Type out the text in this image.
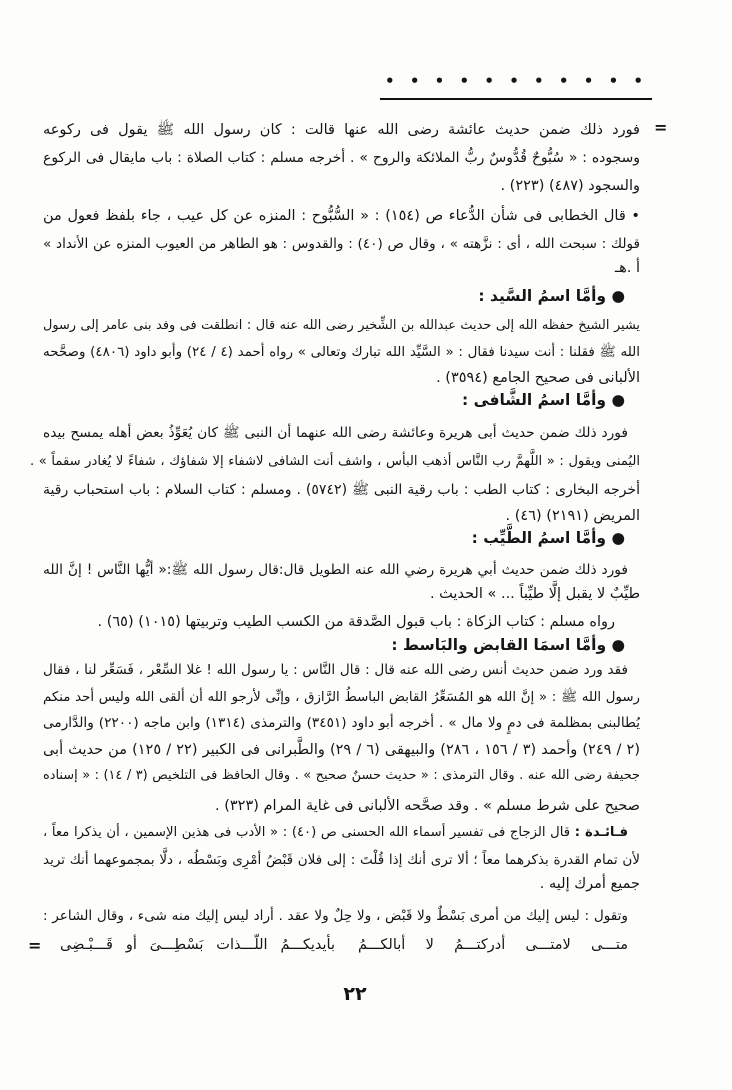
• • • • • • • • • • •
=
فورد ذلك ضمن حديث عائشة رضى الله عنها قالت : كان رسول الله ﷺ يقول فى ركوعه
وسجوده : « سُبُّوحٌ قُدُّوسٌ ربُّ الملائكة والروح » . أخرجه مسلم : كتاب الصلاة : باب مايقال فى الركوع
والسجود (٤٨٧) (٢٢٣) .
• قال الخطابى فى شأن الدُّعاء ص (١٥٤) : « السُّبُّوح : المنزه عن كل عيب ، جاء بلفظ فعول من
قولك : سبحت الله ، أى : نزَّهته » ، وقال ص (٤٠) : والقدوس : هو الطاهر من العيوب المنزه عن الأنداد »
أ .هـ
● وأمَّا اسمُ السَّيد :
يشير الشيخ حفظه الله إلى حديث عبدالله بن الشِّخير رضى الله عنه قال : انطلقت فى وفد بنى عامر إلى رسول
الله ﷺ فقلنا : أنت سيدنا فقال : « السَّيِّد الله تبارك وتعالى » رواه أحمد (٤ / ٢٤) وأبو داود (٤٨٠٦) وصحَّحه
الألبانى فى صحيح الجامع (٣٥٩٤) .
● وأمَّا اسمُ الشَّافى :
فورد ذلك ضمن حديث أبى هريرة وعائشة رضى الله عنهما أن النبى ﷺ كان يُعَوِّذُ بعض أهله يمسح بيده
اليُمنى ويقول : « اللَّهمَّ رب النَّاس أذهب البأس ، واشف أنت الشافى لاشفاء إلا شفاؤك ، شفاءً لا يُغادر سقماً » .
أخرجه البخارى : كتاب الطب : باب رقية النبى ﷺ (٥٧٤٢) . ومسلم : كتاب السلام : باب استحباب رقية
المريض (٢١٩١) (٤٦) .
● وأمَّا اسمُ الطَّيِّب :
فورد ذلك ضمن حديث أبي هريرة رضي الله عنه الطويل قال:قال رسول الله ﷺ:« أيُّها النَّاس ! إنَّ الله
طيِّبٌ لا يقبل إلَّا طيِّباً ... » الحديث .
رواه مسلم : كتاب الزكاة : باب قبول الصَّدقة من الكسب الطيب وتربيتها (١٠١٥) (٦٥) .
● وأمَّا اسمَا القابض والبَاسط :
فقد ورد ضمن حديث أنس رضى الله عنه قال : قال النَّاس : يا رسول الله ! غلا السِّعْر ، فَسَعِّر لنا ، فقال
رسول الله ﷺ : « إنَّ الله هو المُسَعِّرُ القابض الباسطُ الرَّازق ، وإنِّى لأرجو الله أن ألقى الله وليس أحد منكم
يُطالبنى بمظلمة فى دمٍ ولا مال » . أخرجه أبو داود (٣٤٥١) والترمذى (١٣١٤) وابن ماجه (٢٢٠٠) والدَّارمى
(٢ / ٢٤٩) وأحمد (٣ / ١٥٦ ، ٢٨٦) والبيهقى (٦ / ٢٩) والطَّبرانى فى الكبير (٢٢ / ١٢٥) من حديث أبى
جحيفة رضى الله عنه . وقال الترمذى : « حديث حسنٌ صحيح » . وقال الحافظ فى التلخيص (٣ / ١٤) : « إسناده
صحيح على شرط مسلم » . وقد صحَّحه الألبانى فى غاية المرام (٣٢٣) .
فـائـدة : قال الزجاج فى تفسير أسماء الله الحسنى ص (٤٠) : « الأدب فى هذين الإسمين ، أن يذكرا معاً ،
لأن تمام القدرة بذكرهما معاً ؛ ألا ترى أنك إذا قُلْتَ : إلى فلان قَبْضُ أمْرِى وبَسْطُه ، دلَّا بمجموعهما أنك تريد
جميع أمرك إليه .
وتقول : ليس إليك من أمرى بَسْطٌ ولا قَبْض ، ولا حِلٌ ولا عقد . أراد ليس إليك منه شىء ، وقال الشاعر :
متـــى لامتـــى أدركتـــمُ لا أبالكـــمُ
بأيديكـــمُ اللّـــذات بَسْطِـــىَ أو قَـــبْـضِى
=
٢٢
